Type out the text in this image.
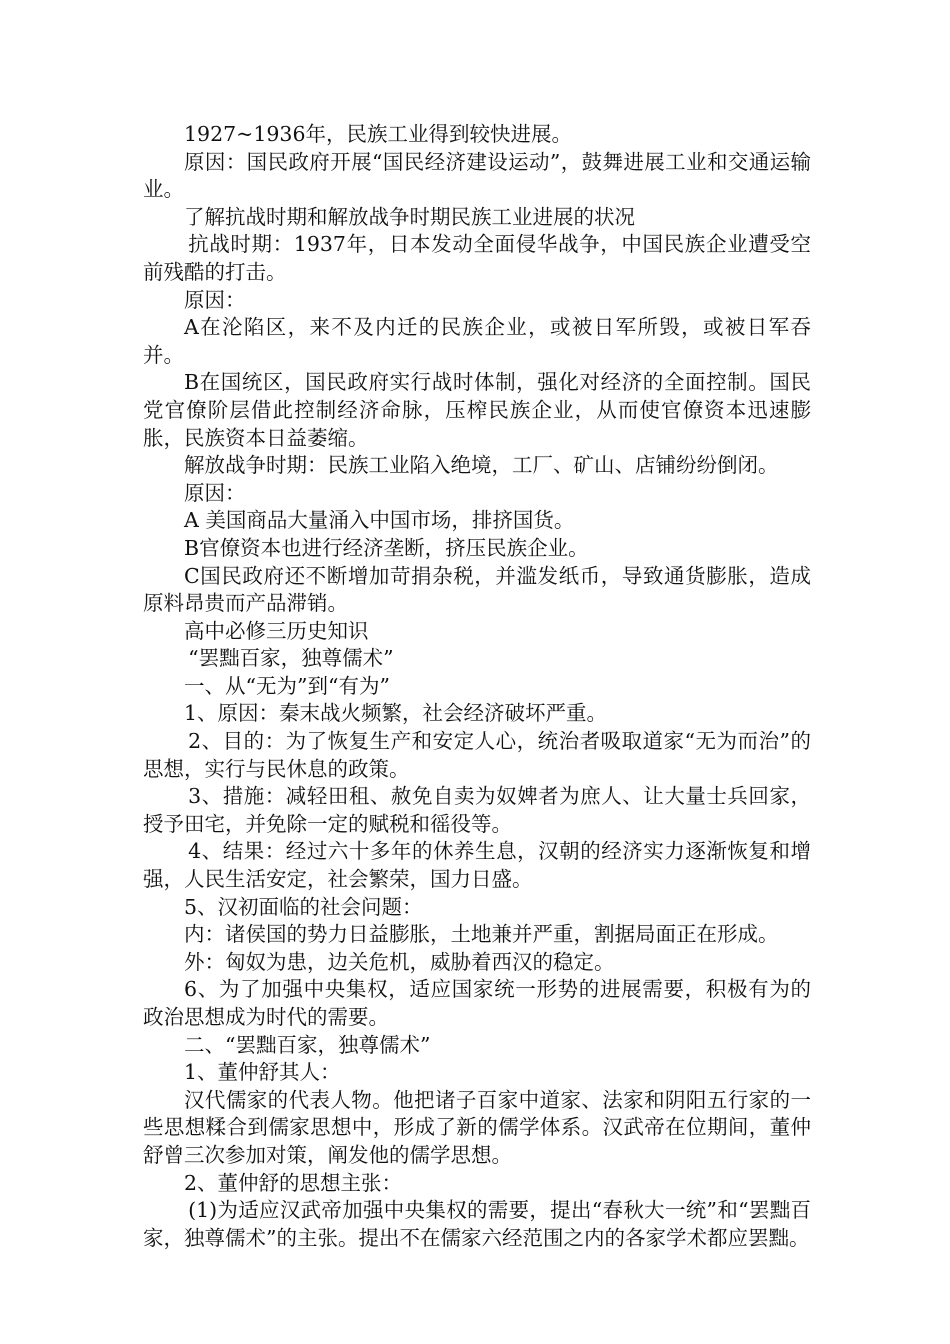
1927~1936年，民族工业得到较快进展。

原因：国民政府开展“国民经济建设运动”，鼓舞进展工业和交通运输业。

了解抗战时期和解放战争时期民族工业进展的状况

抗战时期：1937年，日本发动全面侵华战争，中国民族企业遭受空前残酷的打击。

原因：

A在沦陷区，来不及内迁的民族企业，或被日军所毁，或被日军吞并。

B在国统区，国民政府实行战时体制，强化对经济的全面控制。国民党官僚阶层借此控制经济命脉，压榨民族企业，从而使官僚资本迅速膨胀，民族资本日益萎缩。

解放战争时期：民族工业陷入绝境，工厂、矿山、店铺纷纷倒闭。

原因：

A 美国商品大量涌入中国市场，排挤国货。

B官僚资本也进行经济垄断，挤压民族企业。

C国民政府还不断增加苛捐杂税，并滥发纸币，导致通货膨胀，造成原料昂贵而产品滞销。

高中必修三历史知识

“罢黜百家，独尊儒术”

一、从“无为”到“有为”

1、原因：秦末战火频繁，社会经济破坏严重。

2、目的：为了恢复生产和安定人心，统治者吸取道家“无为而治”的思想，实行与民休息的政策。

3、措施：减轻田租、赦免自卖为奴婢者为庶人、让大量士兵回家，授予田宅，并免除一定的赋税和徭役等。

4、结果：经过六十多年的休养生息，汉朝的经济实力逐渐恢复和增强，人民生活安定，社会繁荣，国力日盛。

5、汉初面临的社会问题：

内：诸侯国的势力日益膨胀，土地兼并严重，割据局面正在形成。

外：匈奴为患，边关危机，威胁着西汉的稳定。

6、为了加强中央集权，适应国家统一形势的进展需要，积极有为的政治思想成为时代的需要。

二、“罢黜百家，独尊儒术”

1、董仲舒其人：

汉代儒家的代表人物。他把诸子百家中道家、法家和阴阳五行家的一些思想糅合到儒家思想中，形成了新的儒学体系。汉武帝在位期间，董仲舒曾三次参加对策，阐发他的儒学思想。

2、董仲舒的思想主张：

(1)为适应汉武帝加强中央集权的需要，提出“春秋大一统”和“罢黜百家，独尊儒术”的主张。提出不在儒家六经范围之内的各家学术都应罢黜。
